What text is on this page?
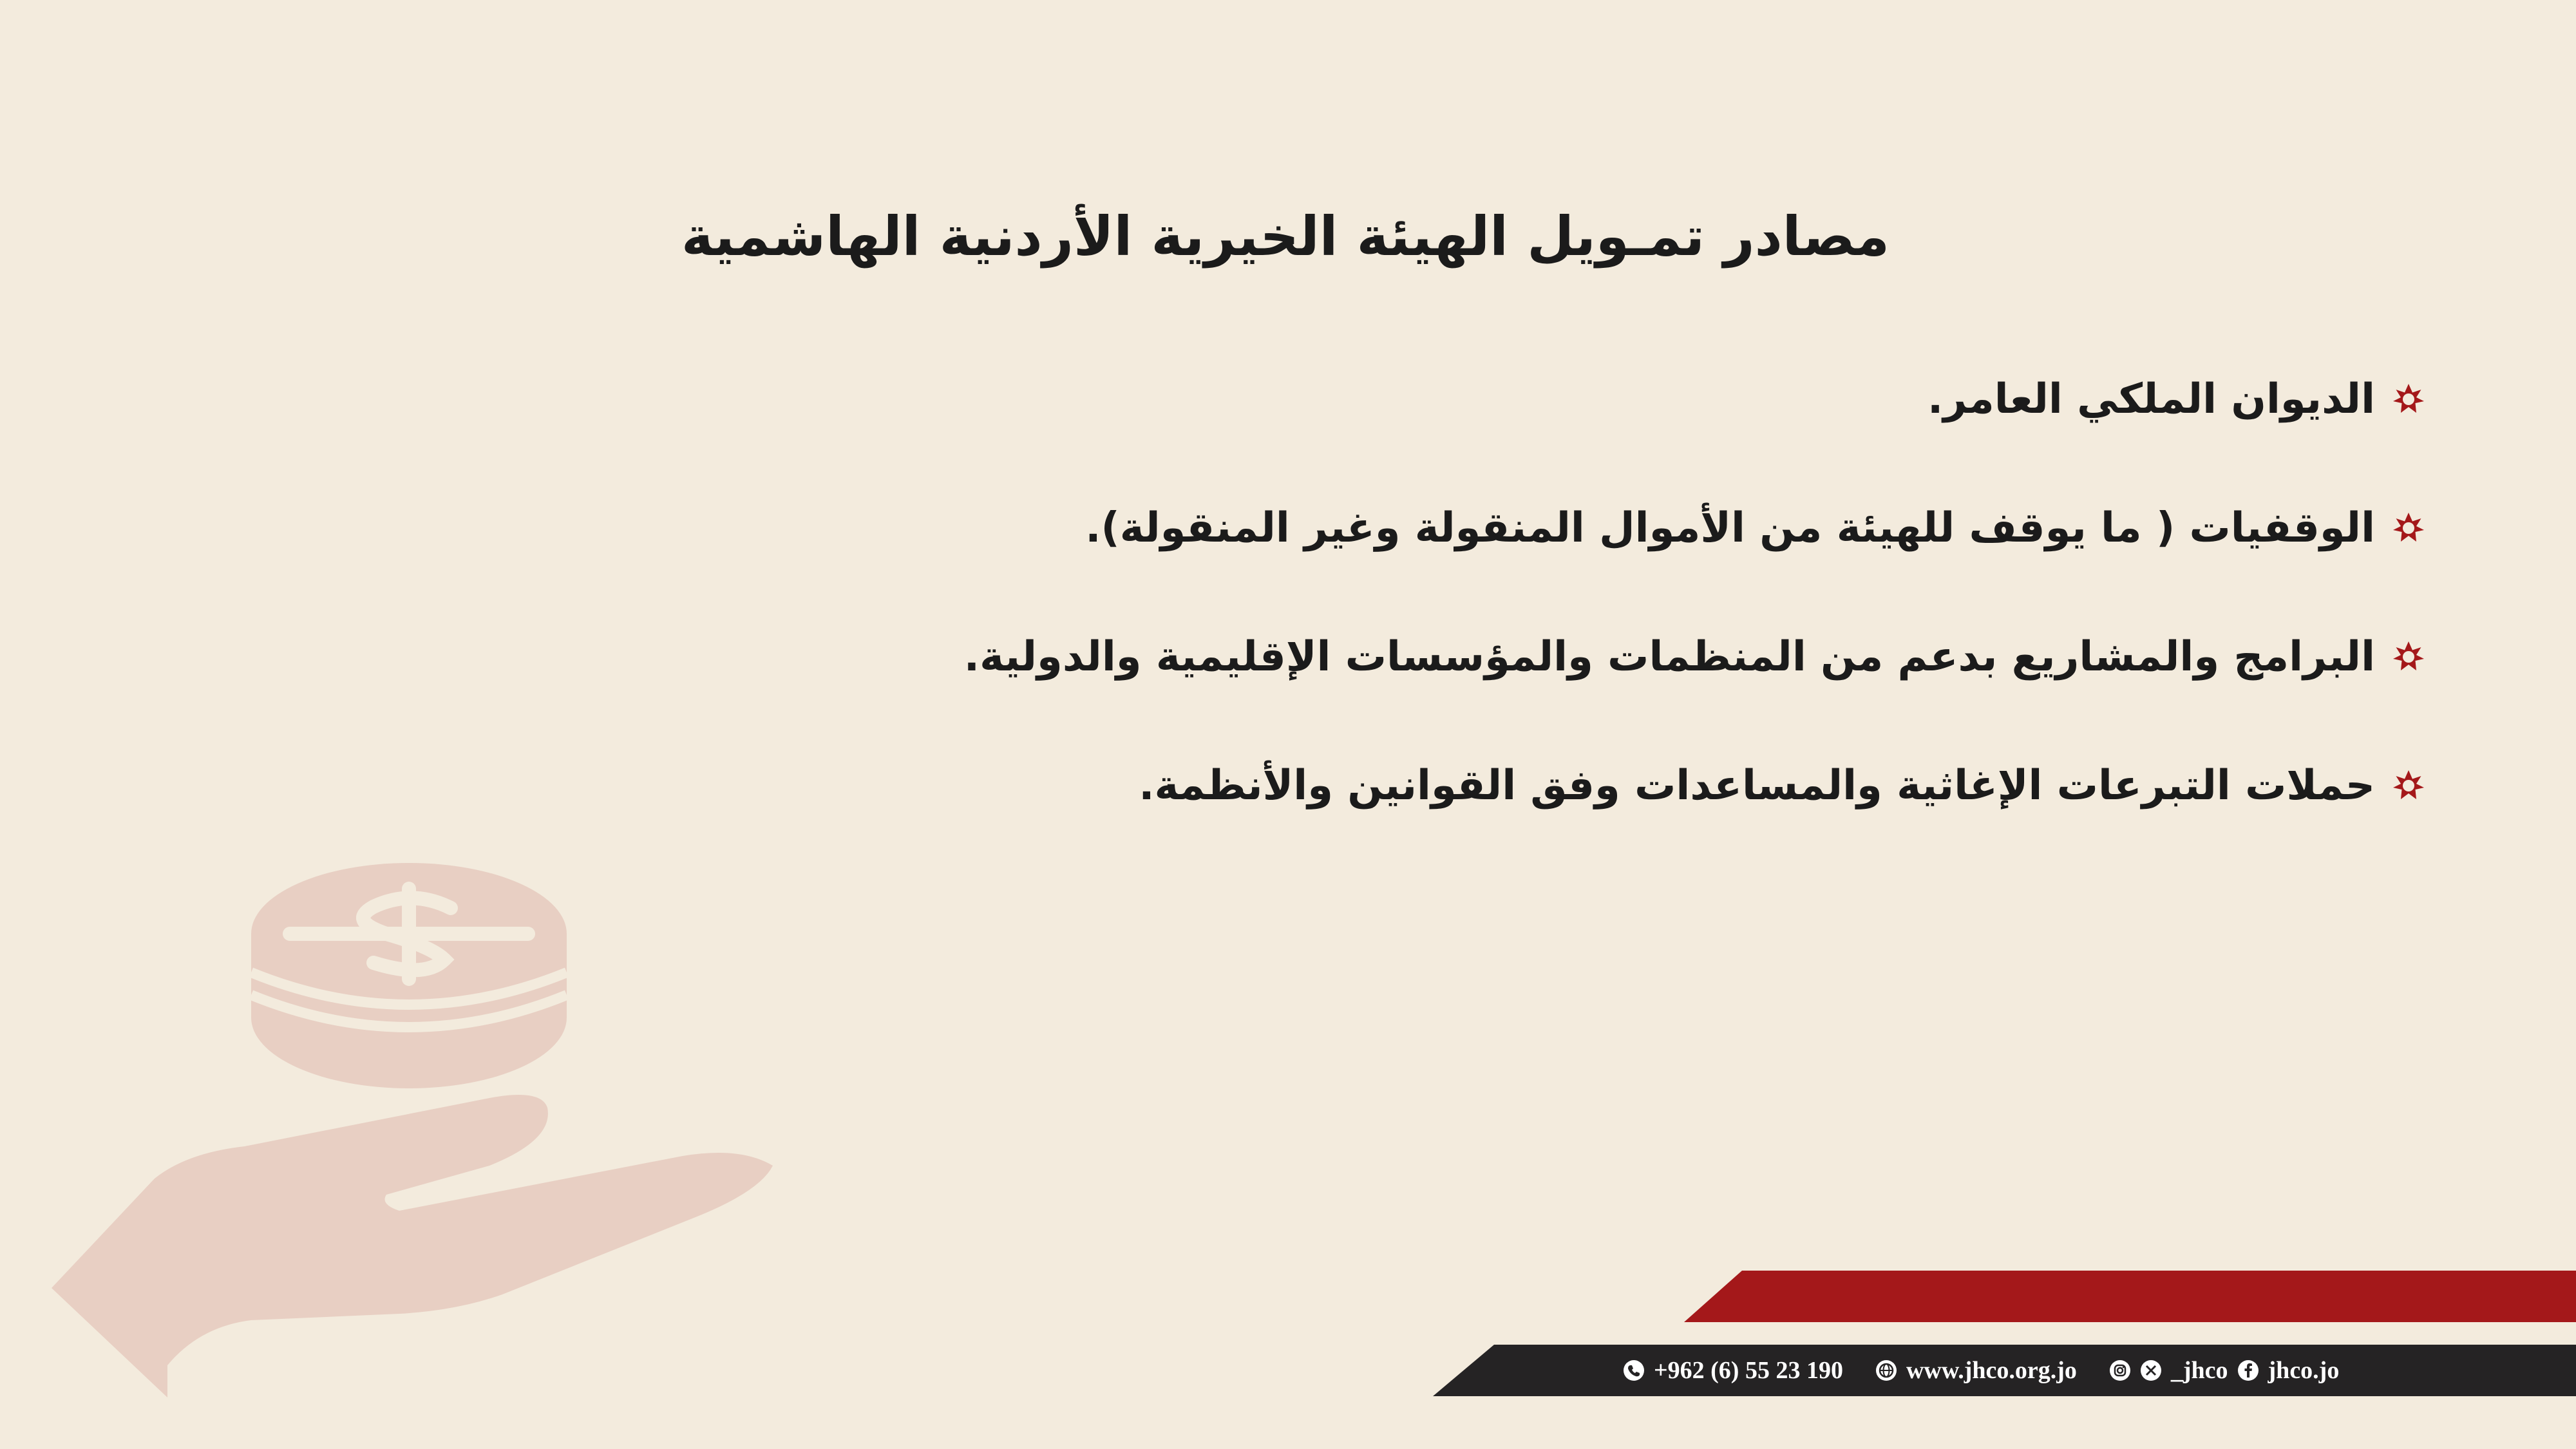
مصادر تمـويل الهيئة الخيرية الأردنية الهاشمية
الديوان الملكي العامر.
الوقفيات ( ما يوقف للهيئة من الأموال المنقولة وغير المنقولة).
البرامج والمشاريع بدعم من المنظمات والمؤسسات الإقليمية والدولية.
حملات التبرعات الإغاثية والمساعدات وفق القوانين والأنظمة.
+962 (6) 55 23 190	www.jhco.org.jo	_jhco jhco.jo
